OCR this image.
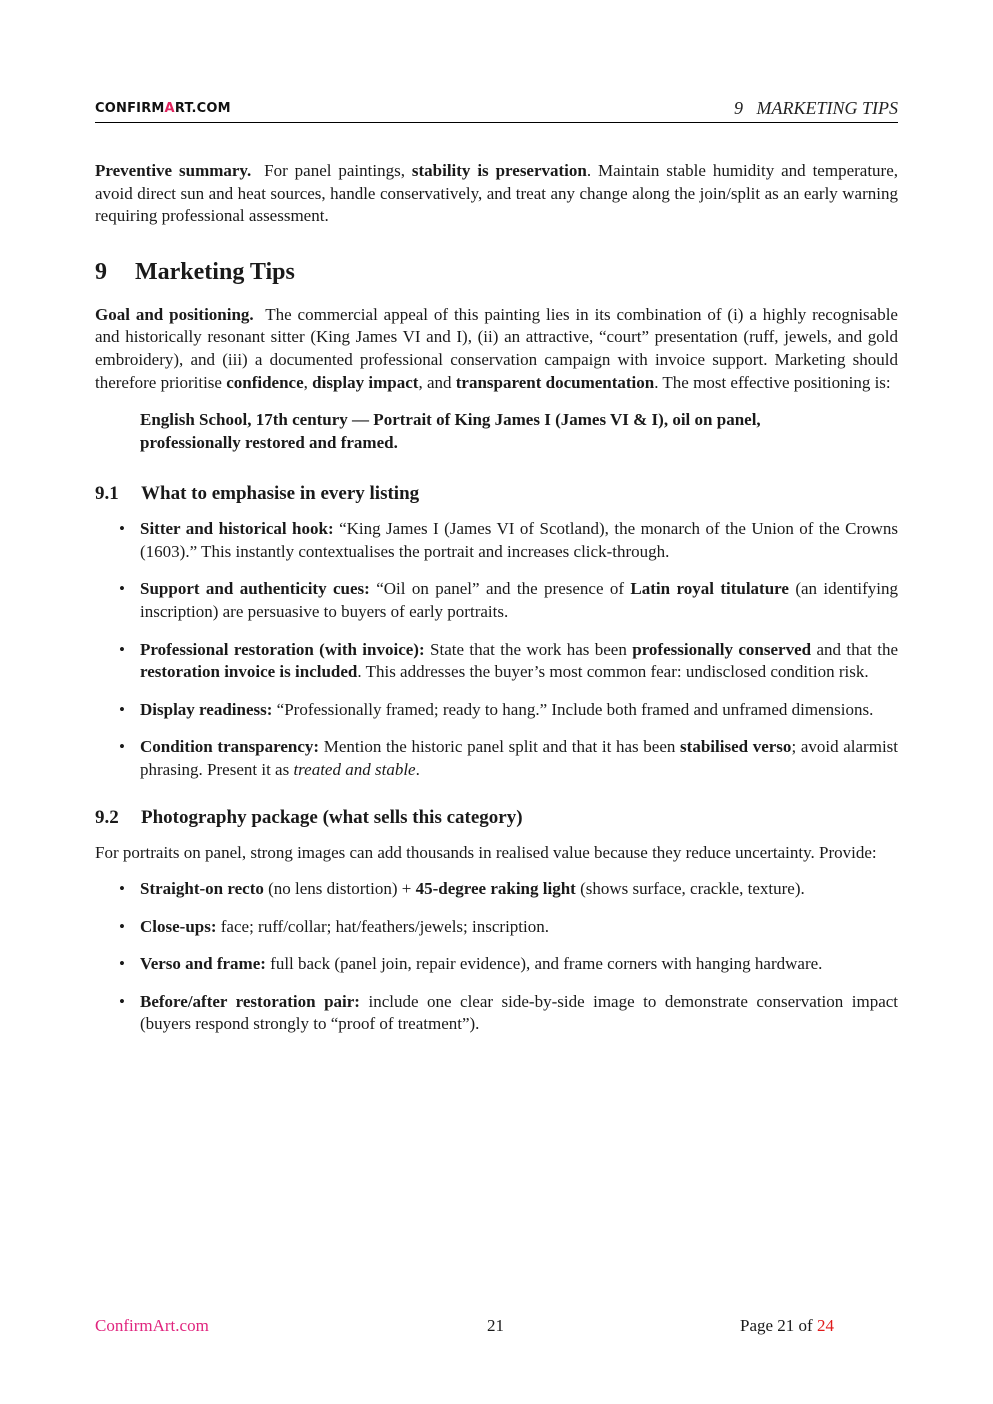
CONFIRMART.COM	9   MARKETING TIPS

Preventive summary. For panel paintings, stability is preservation. Maintain stable humidity and temperature, avoid direct sun and heat sources, handle conservatively, and treat any change along the join/split as an early warning requiring professional assessment.

9 Marketing Tips

Goal and positioning. The commercial appeal of this painting lies in its combination of (i) a highly recognisable and historically resonant sitter (King James VI and I), (ii) an attractive, “court” presentation (ruff, jewels, and gold embroidery), and (iii) a documented professional conservation campaign with invoice support. Marketing should therefore prioritise confidence, display impact, and transparent documentation. The most effective positioning is:

English School, 17th century — Portrait of King James I (James VI & I), oil on panel, professionally restored and framed.
9.1 What to emphasise in every listing
• Sitter and historical hook: “King James I (James VI of Scotland), the monarch of the Union of the Crowns (1603).” This instantly contextualises the portrait and increases click-through.
• Support and authenticity cues: “Oil on panel” and the presence of Latin royal titulature (an identifying inscription) are persuasive to buyers of early portraits.
• Professional restoration (with invoice): State that the work has been professionally conserved and that the restoration invoice is included. This addresses the buyer’s most common fear: undisclosed condition risk.
• Display readiness: “Professionally framed; ready to hang.” Include both framed and unframed dimensions.
• Condition transparency: Mention the historic panel split and that it has been stabilised verso; avoid alarmist phrasing. Present it as treated and stable.
9.2 Photography package (what sells this category)

For portraits on panel, strong images can add thousands in realised value because they reduce uncertainty. Provide:

• Straight-on recto (no lens distortion) + 45-degree raking light (shows surface, crackle, texture).
• Close-ups: face; ruff/collar; hat/feathers/jewels; inscription.
• Verso and frame: full back (panel join, repair evidence), and frame corners with hanging hardware.
• Before/after restoration pair: include one clear side-by-side image to demonstrate conservation impact (buyers respond strongly to “proof of treatment”).
ConfirmArt.com	21	Page 21 of 24
